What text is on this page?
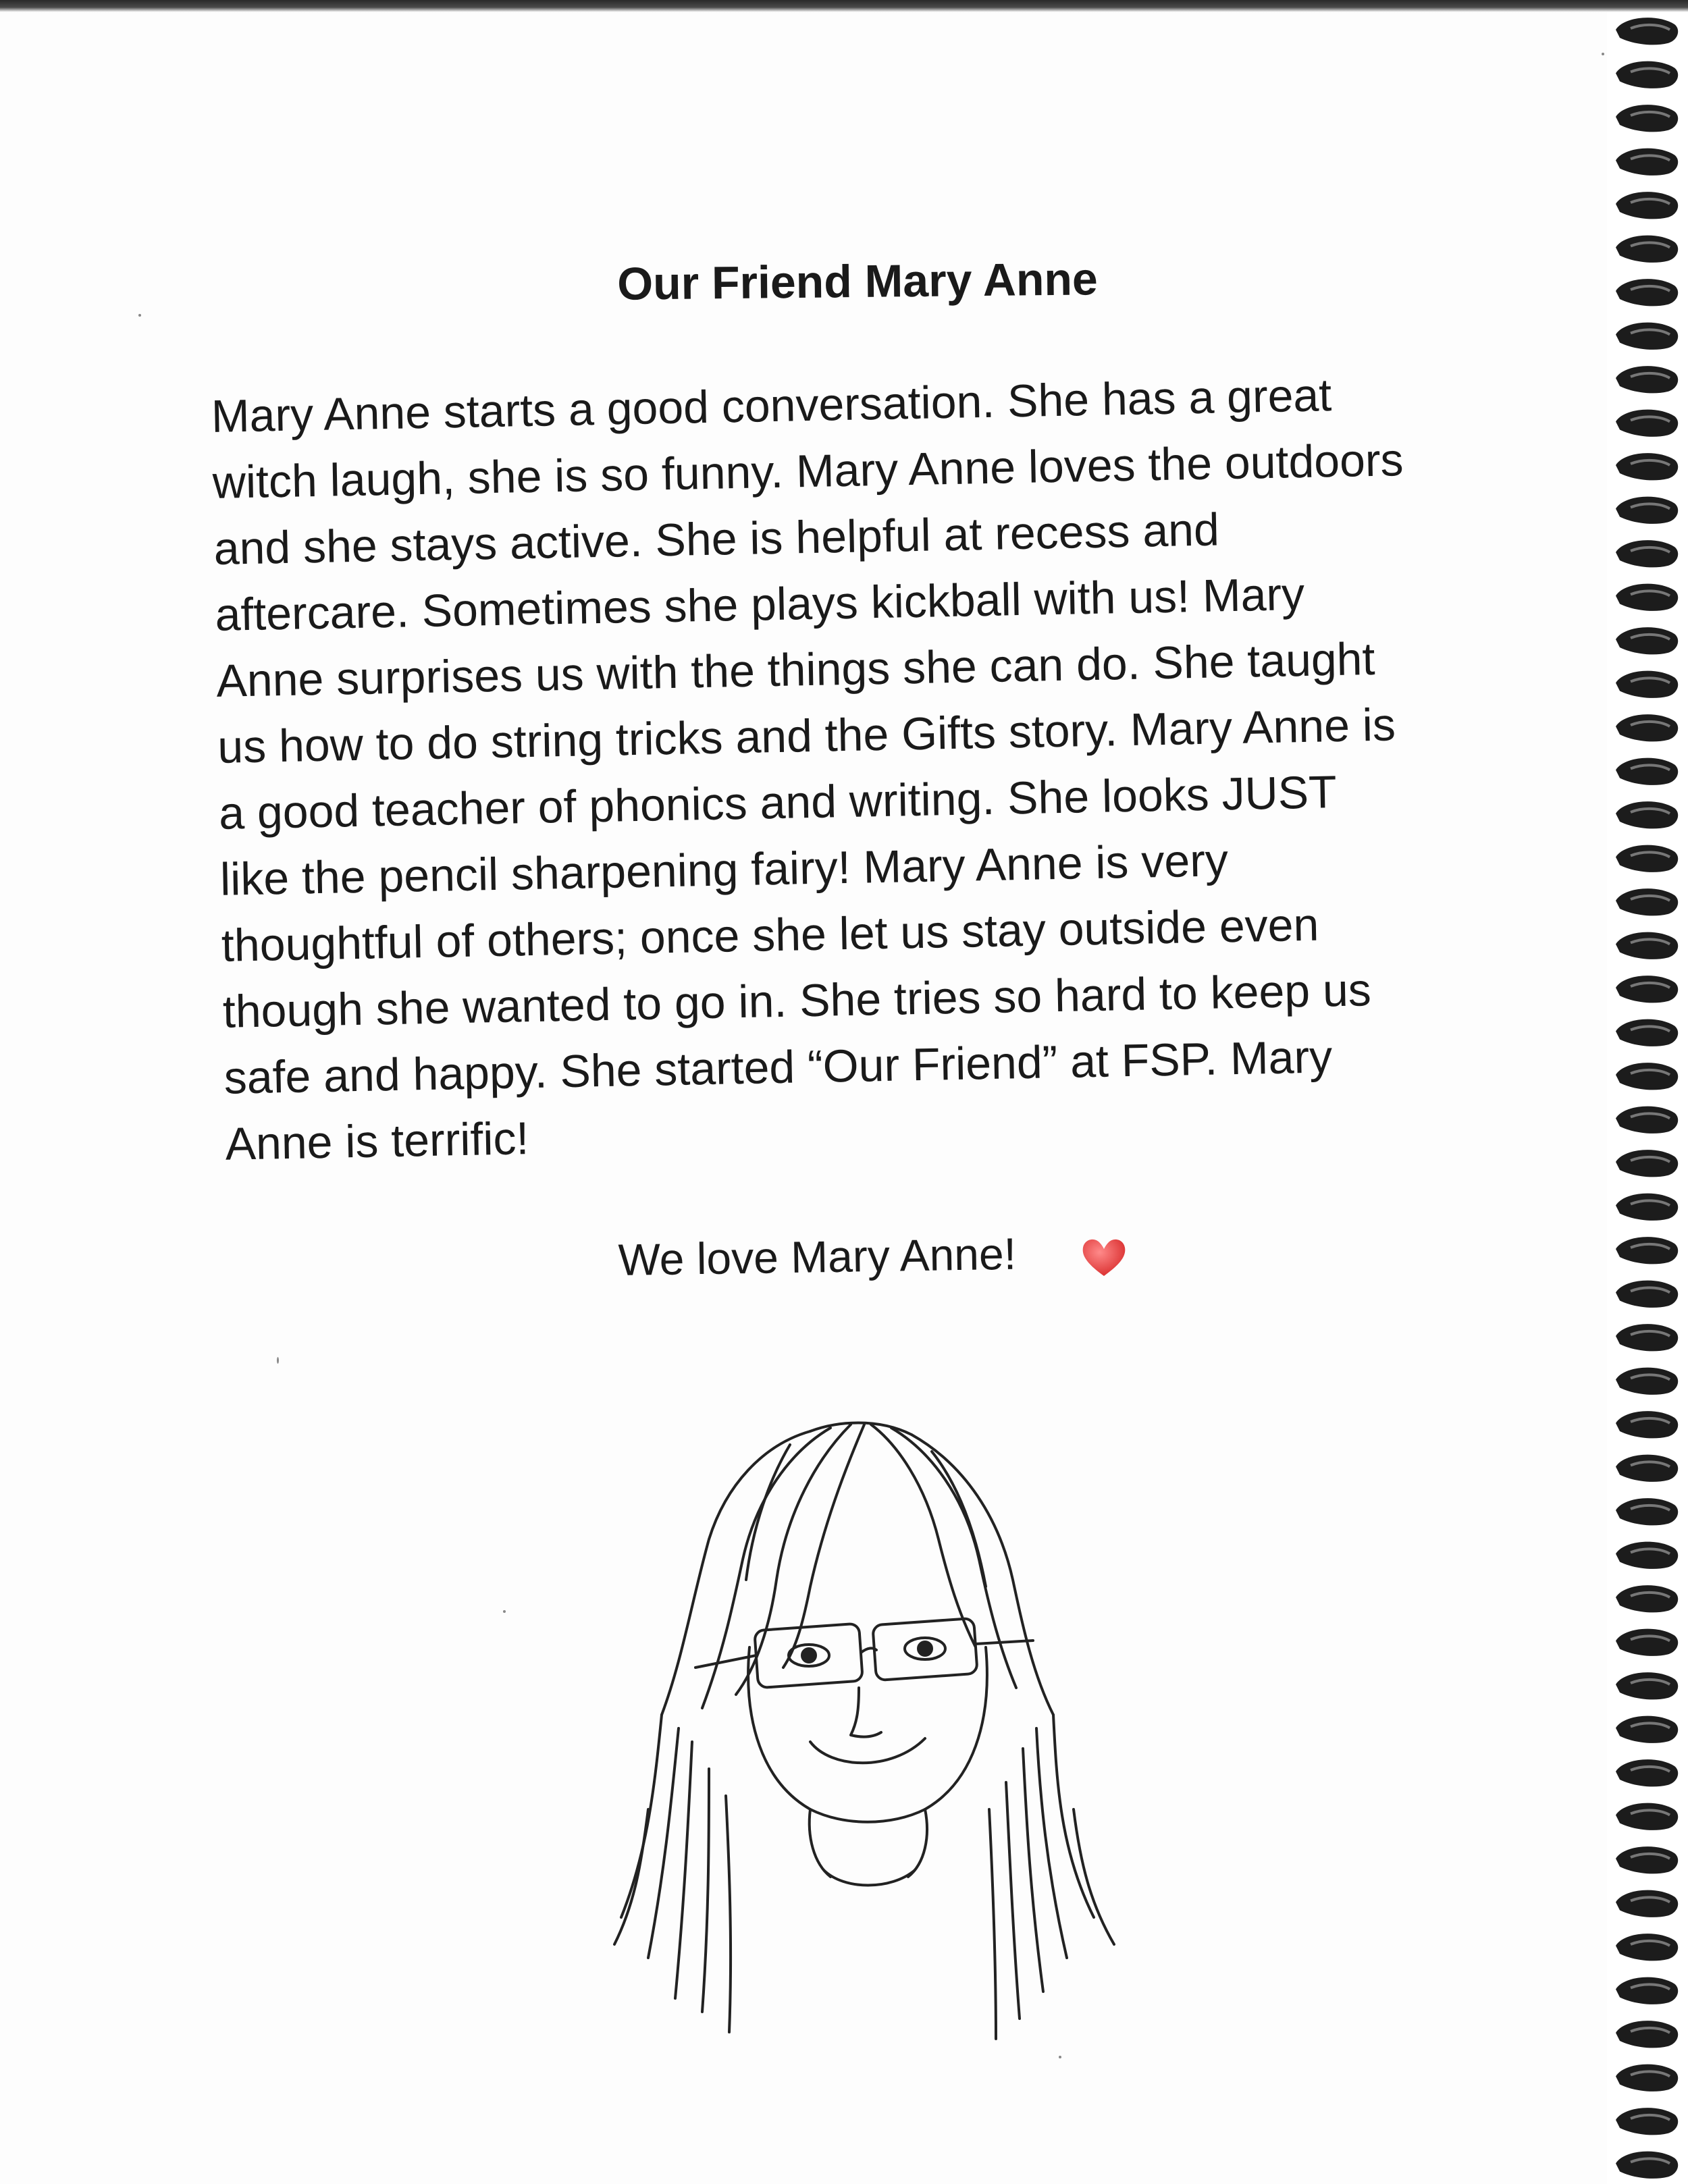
Our Friend Mary Anne
Mary Anne starts a good conversation. She has a great
witch laugh, she is so funny. Mary Anne loves the outdoors
and she stays active. She is helpful at recess and
aftercare. Sometimes she plays kickball with us! Mary
Anne surprises us with the things she can do. She taught
us how to do string tricks and the Gifts story. Mary Anne is
a good teacher of phonics and writing. She looks JUST
like the pencil sharpening fairy! Mary Anne is very
thoughtful of others; once she let us stay outside even
though she wanted to go in. She tries so hard to keep us
safe and happy. She started “Our Friend” at FSP. Mary
Anne is terrific!
We love Mary Anne!
